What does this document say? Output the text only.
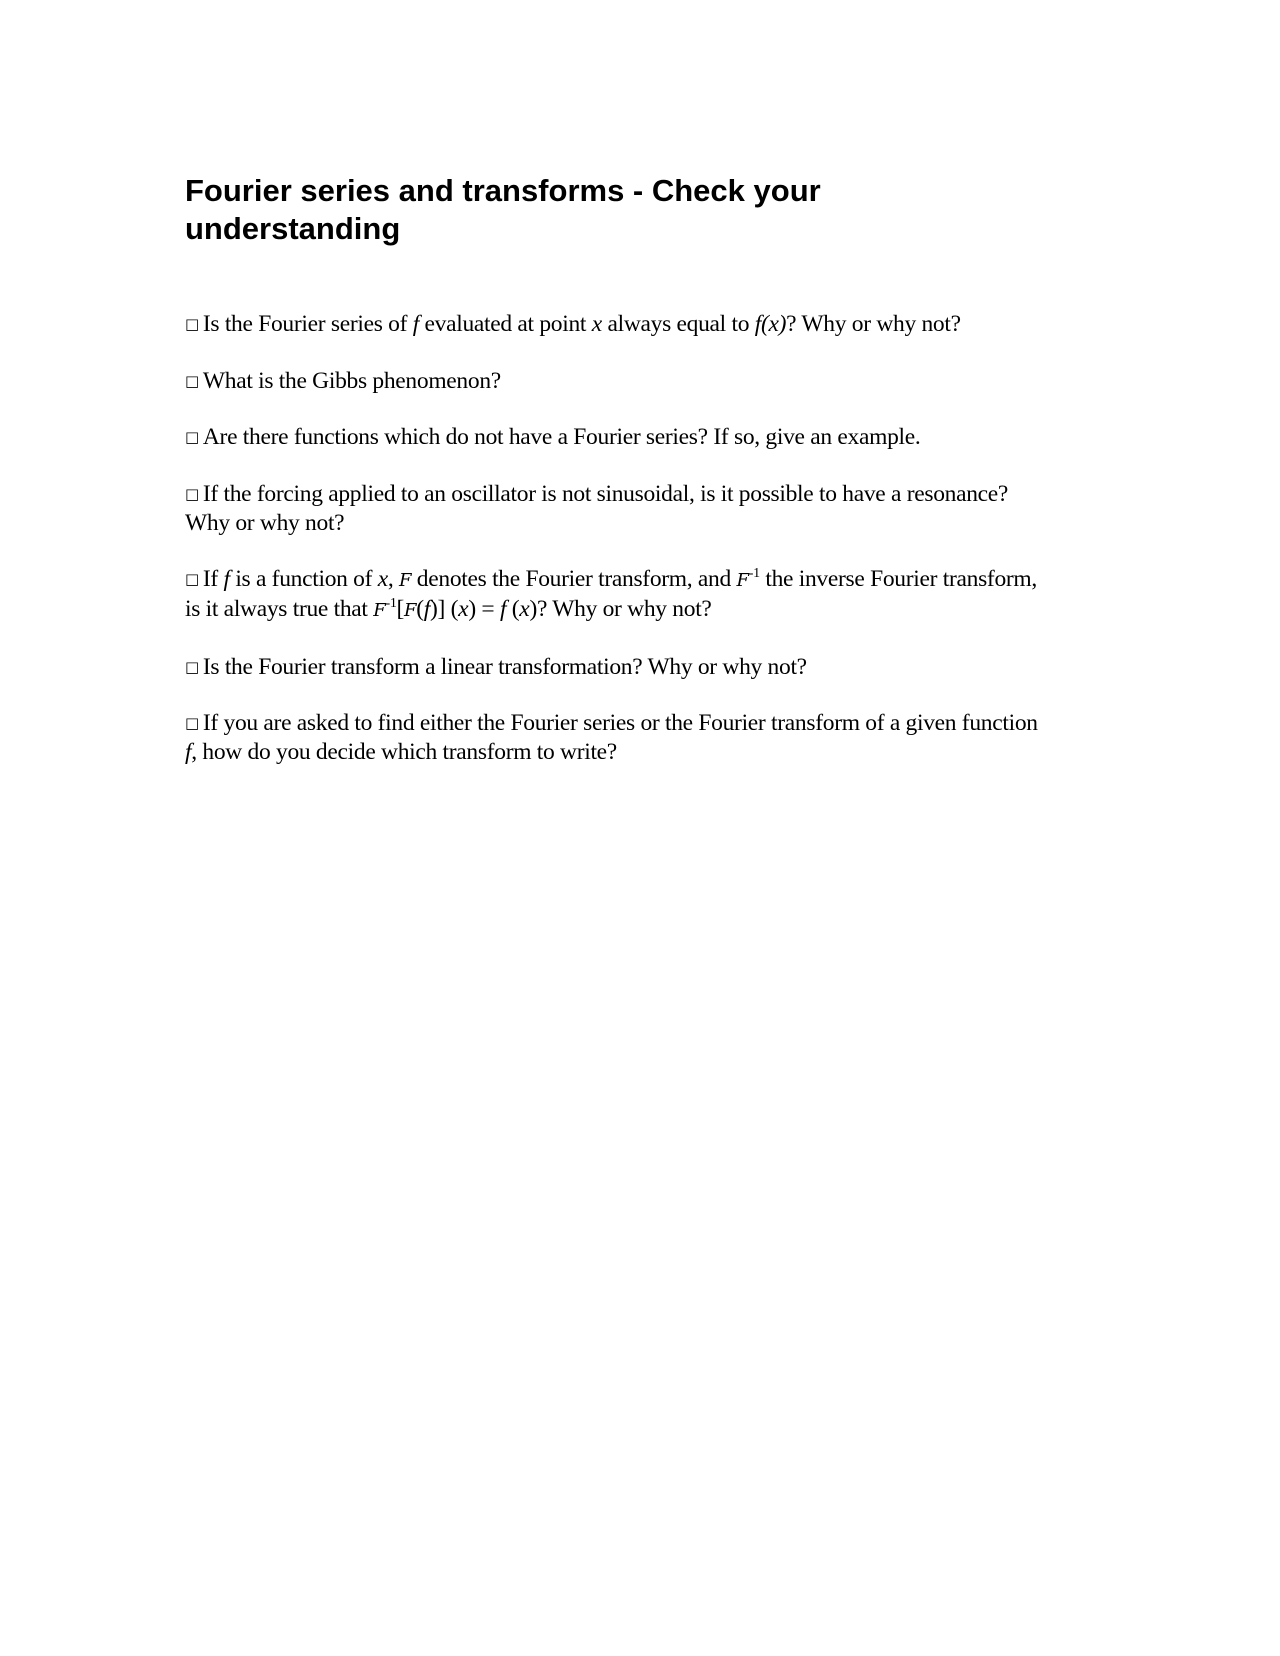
Fourier series and transforms - Check your understanding

□ Is the Fourier series of f evaluated at point x always equal to f(x)? Why or why not?

□ What is the Gibbs phenomenon?

□ Are there functions which do not have a Fourier series? If so, give an example.

□ If the forcing applied to an oscillator is not sinusoidal, is it possible to have a resonance? Why or why not?

□ If f is a function of x, F denotes the Fourier transform, and $F^{-1}$ the inverse Fourier transform, is it always true that $F^{-1}[F(f)] (x) = f$ (x)? Why or why not?

□ Is the Fourier transform a linear transformation? Why or why not?

□ If you are asked to find either the Fourier series or the Fourier transform of a given function f, how do you decide which transform to write?
